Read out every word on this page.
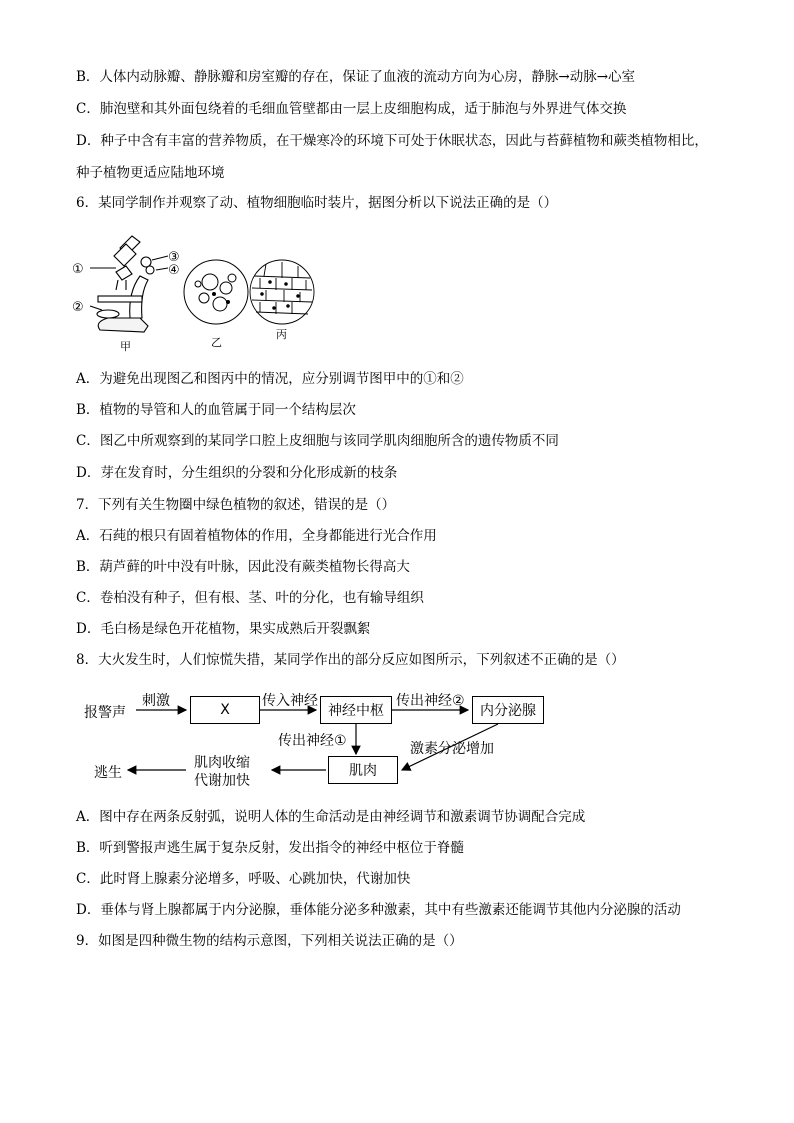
B．人体内动脉瓣、静脉瓣和房室瓣的存在，保证了血液的流动方向为心房，静脉→动脉→心室
C．肺泡壁和其外面包绕着的毛细血管壁都由一层上皮细胞构成，适于肺泡与外界进气体交换
D．种子中含有丰富的营养物质，在干燥寒冷的环境下可处于休眠状态，因此与苔藓植物和蕨类植物相比，
种子植物更适应陆地环境
6．某同学制作并观察了动、植物细胞临时装片，据图分析以下说法正确的是（）
①
②
③
④
甲	乙
丙
A．为避免出现图乙和图丙中的情况，应分别调节图甲中的①和②
B．植物的导管和人的血管属于同一个结构层次
C．图乙中所观察到的某同学口腔上皮细胞与该同学肌肉细胞所含的遗传物质不同
D．芽在发育时，分生组织的分裂和分化形成新的枝条
7．下列有关生物圈中绿色植物的叙述，错误的是（）
A．石莼的根只有固着植物体的作用，全身都能进行光合作用
B．葫芦藓的叶中没有叶脉，因此没有蕨类植物长得高大
C．卷柏没有种子，但有根、茎、叶的分化，也有输导组织
D．毛白杨是绿色开花植物，果实成熟后开裂飘絮
8．大火发生时，人们惊慌失措，某同学作出的部分反应如图所示，下列叙述不正确的是（）
报警声
刺激
X
传入神经
神经中枢
传出神经②
内分泌腺
传出神经①	激素分泌增加
肌肉
肌肉收缩
代谢加快
逃生
A．图中存在两条反射弧，说明人体的生命活动是由神经调节和激素调节协调配合完成
B．听到警报声逃生属于复杂反射，发出指令的神经中枢位于脊髓
C．此时肾上腺素分泌增多，呼吸、心跳加快，代谢加快
D．垂体与肾上腺都属于内分泌腺，垂体能分泌多种激素，其中有些激素还能调节其他内分泌腺的活动
9．如图是四种微生物的结构示意图，下列相关说法正确的是（）
